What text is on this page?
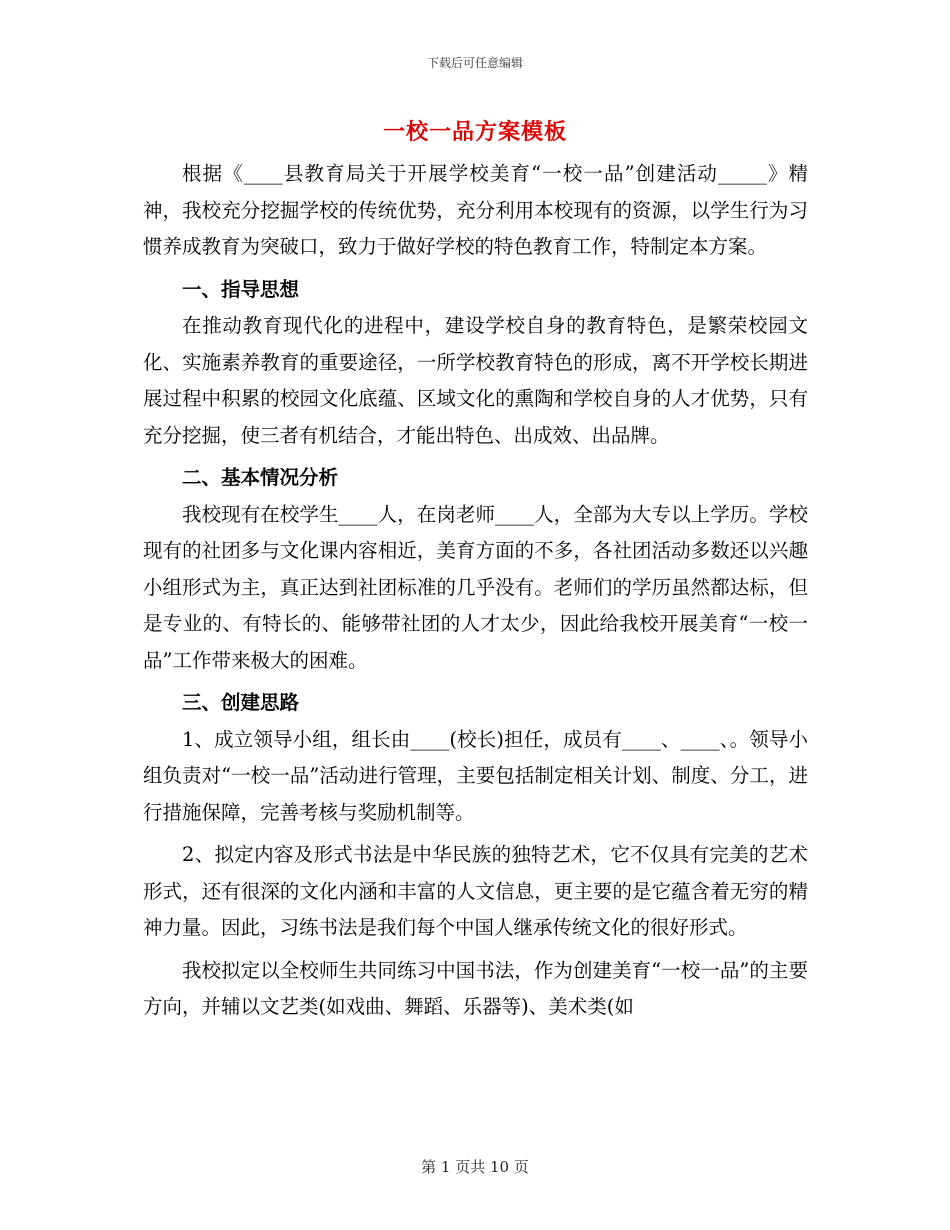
下载后可任意编辑
一校一品方案模板

根据《____县教育局关于开展学校美育“一校一品”创建活动_____》精神，我校充分挖掘学校的传统优势，充分利用本校现有的资源，以学生行为习惯养成教育为突破口，致力于做好学校的特色教育工作，特制定本方案。

一、指导思想

在推动教育现代化的进程中，建设学校自身的教育特色，是繁荣校园文化、实施素养教育的重要途径，一所学校教育特色的形成，离不开学校长期进展过程中积累的校园文化底蕴、区域文化的熏陶和学校自身的人才优势，只有充分挖掘，使三者有机结合，才能出特色、出成效、出品牌。

二、基本情况分析

我校现有在校学生____人，在岗老师____人，全部为大专以上学历。学校现有的社团多与文化课内容相近，美育方面的不多，各社团活动多数还以兴趣小组形式为主，真正达到社团标准的几乎没有。老师们的学历虽然都达标，但是专业的、有特长的、能够带社团的人才太少，因此给我校开展美育“一校一品”工作带来极大的困难。

三、创建思路

1、成立领导小组，组长由____(校长)担任，成员有____、____、。领导小组负责对“一校一品”活动进行管理，主要包括制定相关计划、制度、分工，进行措施保障，完善考核与奖励机制等。

2、拟定内容及形式书法是中华民族的独特艺术，它不仅具有完美的艺术形式，还有很深的文化内涵和丰富的人文信息，更主要的是它蕴含着无穷的精神力量。因此，习练书法是我们每个中国人继承传统文化的很好形式。

我校拟定以全校师生共同练习中国书法，作为创建美育“一校一品”的主要方向，并辅以文艺类(如戏曲、舞蹈、乐器等)、美术类(如

第 1 页共 10 页
